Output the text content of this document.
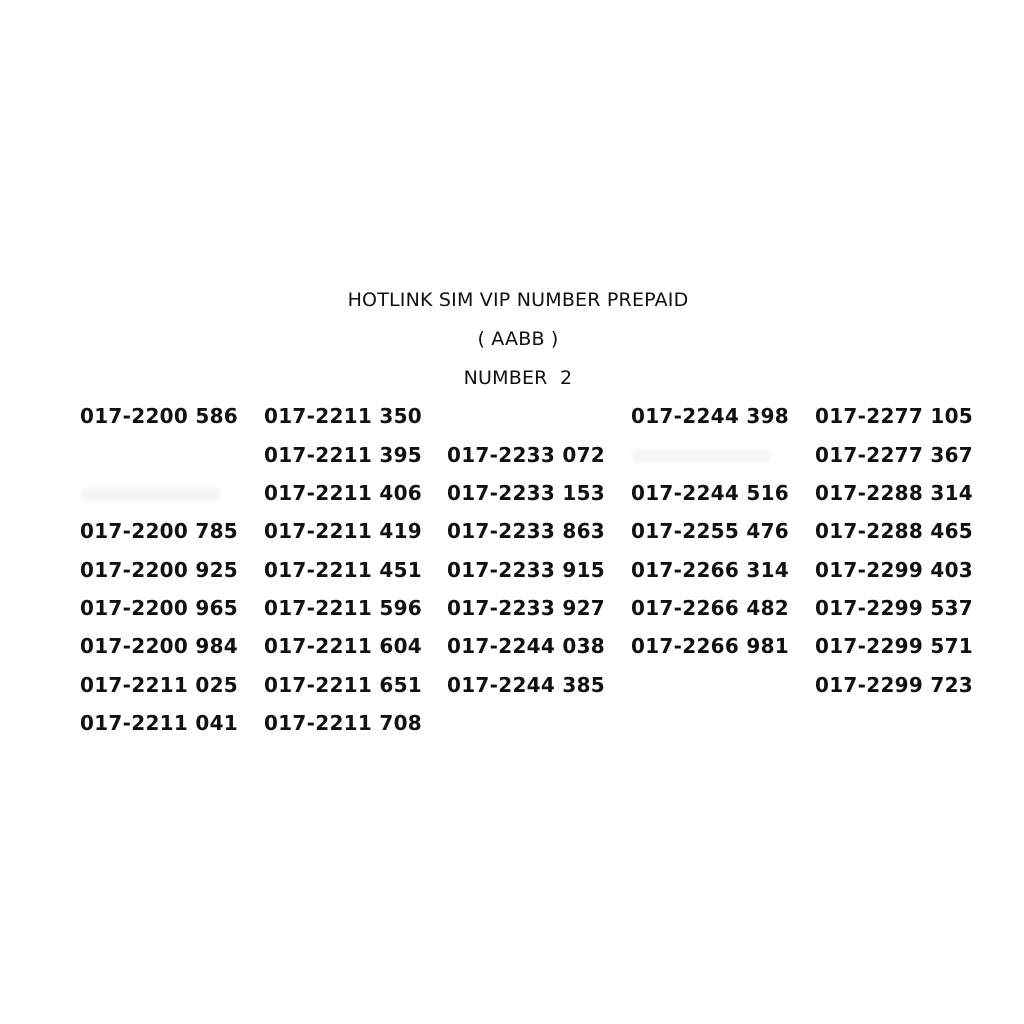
HOTLINK SIM VIP NUMBER PREPAID
( AABB )
NUMBER  2
017-2200 586
017-2200 785
017-2200 925
017-2200 965
017-2200 984
017-2211 025
017-2211 041
017-2211 350
017-2211 395
017-2211 406
017-2211 419
017-2211 451
017-2211 596
017-2211 604
017-2211 651
017-2211 708
017-2233 072
017-2233 153
017-2233 863
017-2233 915
017-2233 927
017-2244 038
017-2244 385
017-2244 398
017-2244 516
017-2255 476
017-2266 314
017-2266 482
017-2266 981
017-2277 105
017-2277 367
017-2288 314
017-2288 465
017-2299 403
017-2299 537
017-2299 571
017-2299 723
